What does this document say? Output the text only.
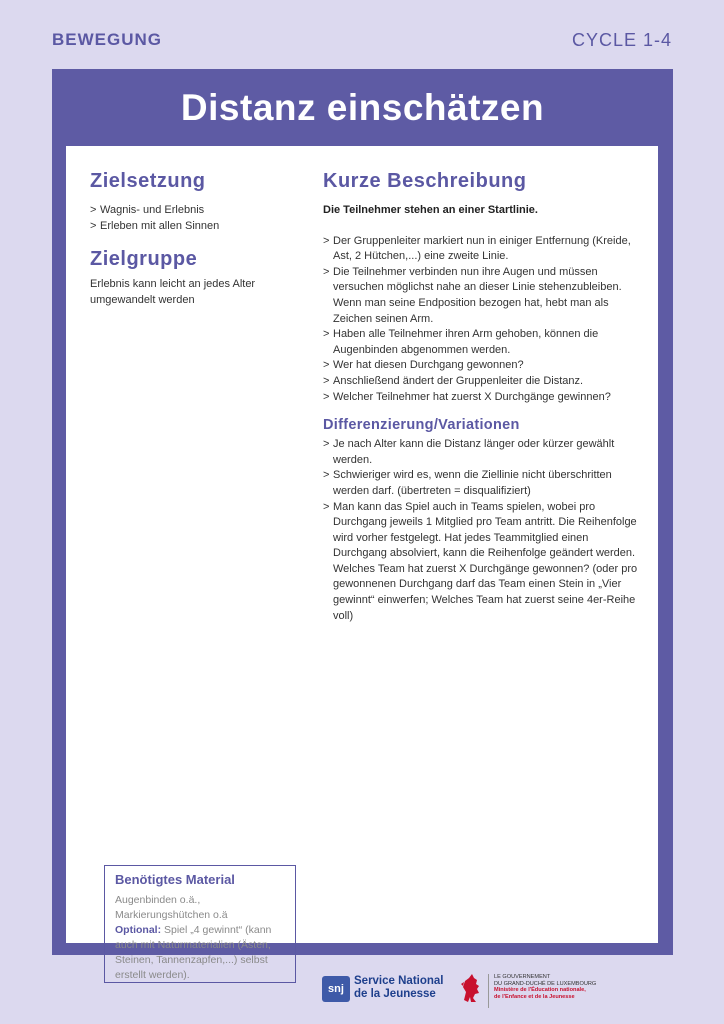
BEWEGUNG	CYCLE 1-4
Distanz einschätzen
Zielsetzung
> Wagnis- und Erlebnis
> Erleben mit allen Sinnen
Zielgruppe
Erlebnis kann leicht an jedes Alter umgewandelt werden
Kurze Beschreibung
Die Teilnehmer stehen an einer Startlinie.
> Der Gruppenleiter markiert nun in einiger Entfernung (Kreide, Ast, 2 Hütchen,...) eine zweite Linie.
> Die Teilnehmer verbinden nun ihre Augen und müssen versuchen möglichst nahe an dieser Linie stehenzubleiben. Wenn man seine Endposition bezogen hat, hebt man als Zeichen seinen Arm.
> Haben alle Teilnehmer ihren Arm gehoben, können die Augenbinden abgenommen werden.
> Wer hat diesen Durchgang gewonnen?
> Anschließend ändert der Gruppenleiter die Distanz.
> Welcher Teilnehmer hat zuerst X Durchgänge gewinnen?
Differenzierung/Variationen
> Je nach Alter kann die Distanz länger oder kürzer gewählt werden.
> Schwieriger wird es, wenn die Ziellinie nicht überschritten werden darf. (übertreten = disqualifiziert)
> Man kann das Spiel auch in Teams spielen, wobei pro Durchgang jeweils 1 Mitglied pro Team antritt. Die Reihenfolge wird vorher festgelegt. Hat jedes Teammitglied einen Durchgang absolviert, kann die Reihenfolge geändert werden. Welches Team hat zuerst X Durchgänge gewonnen? (oder pro gewonnenen Durchgang darf das Team einen Stein in „Vier gewinnt“ einwerfen; Welches Team hat zuerst seine 4er-Reihe voll)
Benötigtes Material
Augenbinden o.ä.,
Markierungshütchen o.ä
Optional: Spiel „4 gewinnt“ (kann auch mit Naturmaterialien (Ästen, Steinen, Tannenzapfen,...) selbst erstellt werden).
snj
Service National
de la Jeunesse
LE GOUVERNEMENT
DU GRAND-DUCHÉ DE LUXEMBOURG
Ministère de l'Éducation nationale,
de l'Enfance et de la Jeunesse
